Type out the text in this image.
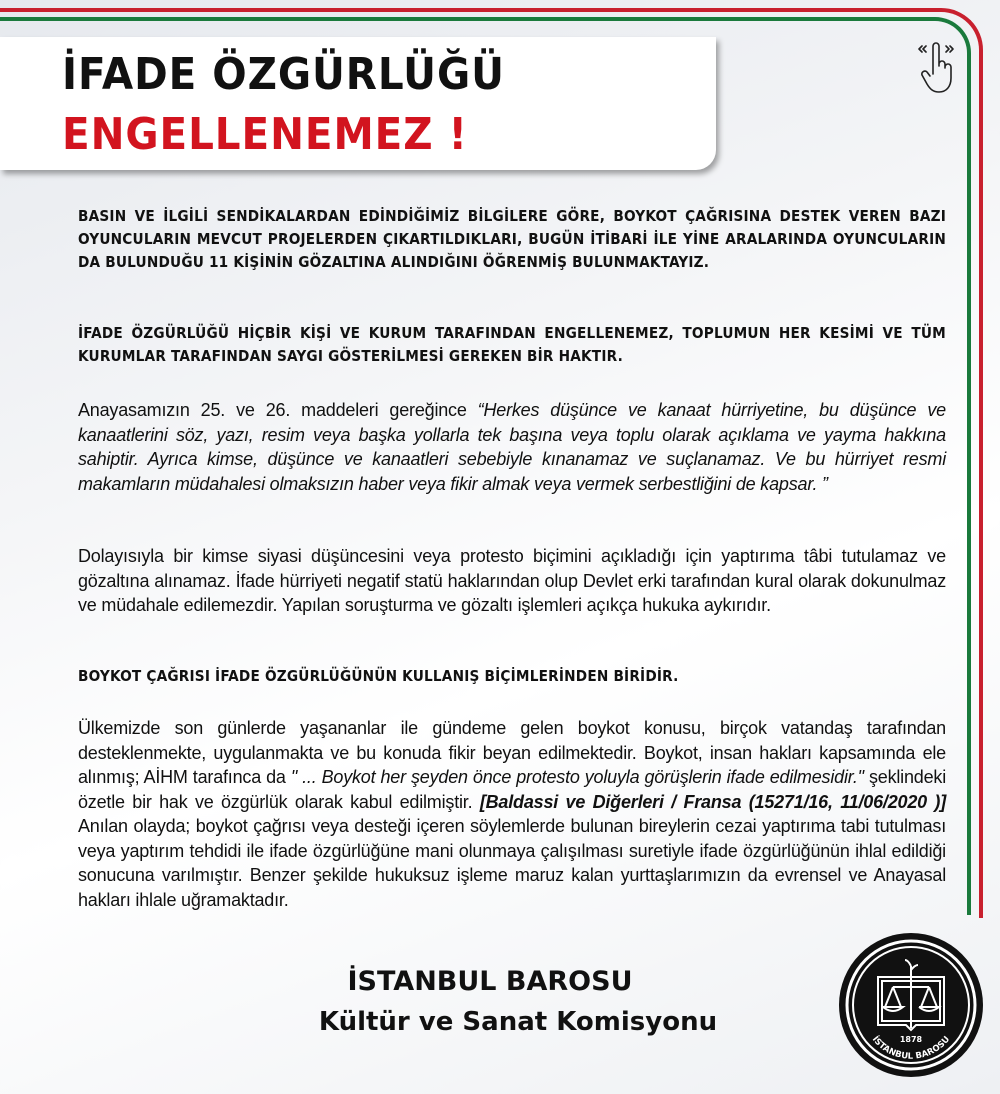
İFADE ÖZGÜRLÜĞÜ
ENGELLENEMEZ !

BASIN VE İLGİLİ SENDİKALARDAN EDİNDİĞİMİZ BİLGİLERE GÖRE, BOYKOT ÇAĞRISINA DESTEK VEREN BAZI OYUNCULARIN MEVCUT PROJELERDEN ÇIKARTILDIKLARI, BUGÜN İTİBARİ İLE YİNE ARALARINDA OYUNCULARIN DA BULUNDUĞU 11 KİŞİNİN GÖZALTINA ALINDIĞINI ÖĞRENMİŞ BULUNMAKTAYIZ.

İFADE ÖZGÜRLÜĞÜ HİÇBİR KİŞİ VE KURUM TARAFINDAN ENGELLENEMEZ, TOPLUMUN HER KESİMİ VE TÜM KURUMLAR TARAFINDAN SAYGI GÖSTERİLMESİ GEREKEN BİR HAKTIR.

Anayasamızın 25. ve 26. maddeleri gereğince “Herkes düşünce ve kanaat hürriyetine, bu düşünce ve kanaatlerini söz, yazı, resim veya başka yollarla tek başına veya toplu olarak açıklama ve yayma hakkına sahiptir. Ayrıca kimse, düşünce ve kanaatleri sebebiyle kınanamaz ve suçlanamaz. Ve bu hürriyet resmi makamların müdahalesi olmaksızın haber veya fikir almak veya vermek serbestliğini de kapsar. ”

Dolayısıyla bir kimse siyasi düşüncesini veya protesto biçimini açıkladığı için yaptırıma tâbi tutulamaz ve gözaltına alınamaz. İfade hürriyeti negatif statü haklarından olup Devlet erki tarafından kural olarak dokunulmaz ve müdahale edilemezdir. Yapılan soruşturma ve gözaltı işlemleri açıkça hukuka aykırıdır.

BOYKOT ÇAĞRISI İFADE ÖZGÜRLÜĞÜNÜN KULLANIŞ BİÇİMLERİNDEN BİRİDİR.

Ülkemizde son günlerde yaşananlar ile gündeme gelen boykot konusu, birçok vatandaş tarafından desteklenmekte, uygulanmakta ve bu konuda fikir beyan edilmektedir. Boykot, insan hakları kapsamında ele alınmış; AİHM tarafınca da " ... Boykot her şeyden önce protesto yoluyla görüşlerin ifade edilmesidir." şeklindeki özetle bir hak ve özgürlük olarak kabul edilmiştir. [Baldassi ve Diğerleri / Fransa (15271/16, 11/06/2020 )] Anılan olayda; boykot çağrısı veya desteği içeren söylemlerde bulunan bireylerin cezai yaptırıma tabi tutulması veya yaptırım tehdidi ile ifade özgürlüğüne mani olunmaya çalışılması suretiyle ifade özgürlüğünün ihlal edildiği sonucuna varılmıştır. Benzer şekilde hukuksuz işleme maruz kalan yurttaşlarımızın da evrensel ve Anayasal hakları ihlale uğramaktadır.

İSTANBUL BAROSU
Kültür ve Sanat Komisyonu
1878
İSTANBUL BAROSU
